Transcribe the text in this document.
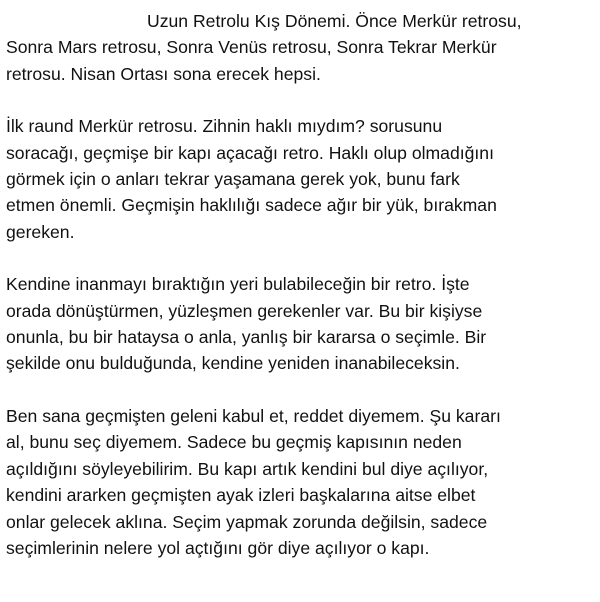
Uzun Retrolu Kış Dönemi. Önce Merkür retrosu,
Sonra Mars retrosu, Sonra Venüs retrosu, Sonra Tekrar Merkür
retrosu. Nisan Ortası sona erecek hepsi.

İlk raund Merkür retrosu. Zihnin haklı mıydım? sorusunu
soracağı, geçmişe bir kapı açacağı retro. Haklı olup olmadığını
görmek için o anları tekrar yaşamana gerek yok, bunu fark
etmen önemli. Geçmişin haklılığı sadece ağır bir yük, bırakman
gereken.

Kendine inanmayı bıraktığın yeri bulabileceğin bir retro. İşte
orada dönüştürmen, yüzleşmen gerekenler var. Bu bir kişiyse
onunla, bu bir hataysa o anla, yanlış bir kararsa o seçimle. Bir
şekilde onu bulduğunda, kendine yeniden inanabileceksin.

Ben sana geçmişten geleni kabul et, reddet diyemem. Şu kararı
al, bunu seç diyemem. Sadece bu geçmiş kapısının neden
açıldığını söyleyebilirim. Bu kapı artık kendini bul diye açılıyor,
kendini ararken geçmişten ayak izleri başkalarına aitse elbet
onlar gelecek aklına. Seçim yapmak zorunda değilsin, sadece
seçimlerinin nelere yol açtığını gör diye açılıyor o kapı.
